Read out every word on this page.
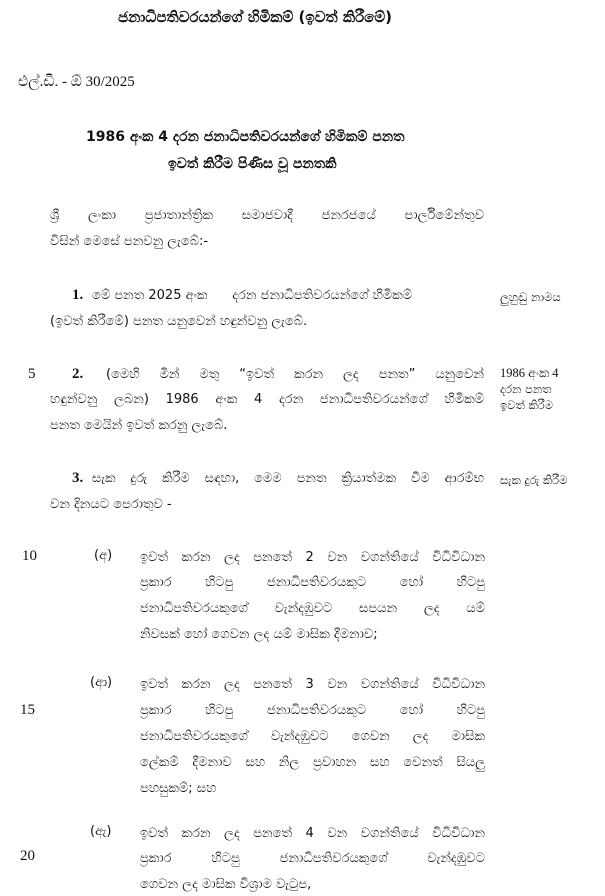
ජනාධිපතිවරයන්ගේ හිමිකම් (ඉවත් කිරීමේ)
එල්.ඩී. - ඕ 30/2025
1986 අංක 4 දරන ජනාධිපතිවරයන්ගේ හිමිකම් පනත
ඉවත් කිරීම පිණිස වූ පනතකි
ශ්‍රී ලංකා ප්‍රජාතාන්ත්‍රික සමාජවාදී ජනරජයේ පාර්ලිමේන්තුව
විසින් මෙසේ පනවනු ලැබේ:-
1. මේ පනත 2025 අංක      දරන ජනාධිපතිවරයන්ගේ හිමිකම්
(ඉවත් කිරීමේ) පනත යනුවෙන් හඳුන්වනු ලැබේ.
ලුහුඬු නාමය
5 2. (මෙහි මින් මතු “ඉවත් කරන ලද පනත” යනුවෙන්
හඳුන්වනු ලබන) 1986 අංක 4 දරන ජනාධිපතිවරයන්ගේ හිමිකම්
පනත මෙයින් ඉවත් කරනු ලැබේ.
1986 අංක 4
දරන පනත
ඉවත් කිරීම
3. සැක දුරු කිරීම සඳහා, මෙම පනත ක්‍රියාත්මක වීම ආරම්භ
වන දිනයට පෙරාතුව -
සැක දුරු කිරීම
10	(අ) ඉවත් කරන ලද පනතේ 2 වන වගන්තියේ විධිවිධාන
ප්‍රකාර හිටපු ජනාධිපතිවරයකුට හෝ හිටපු
ජනාධිපතිවරයකුගේ වැන්දඹුවට සපයන ලද යම්
නිවසක් හෝ ගෙවන ලද යම් මාසික දීමනාව;
(ආ)
15
ඉවත් කරන ලද පනතේ 3 වන වගන්තියේ විධිවිධාන
ප්‍රකාර හිටපු ජනාධිපතිවරයකුට හෝ හිටපු
ජනාධිපතිවරයකුගේ වැන්දඹුවට ගෙවන ලද මාසික
ලේකම් දීමනාව සහ නිල ප්‍රවාහන සහ වෙනත් සියලු
පහසුකම්; සහ
(ඇ) ඉවත් කරන ලද පනතේ 4 වන වගන්තියේ විධිවිධාන
20	ප්‍රකාර හිටපු ජනාධිපතිවරයකුගේ වැන්දඹුවට
ගෙවන ලද මාසික විශ්‍රාම වැටුප,
